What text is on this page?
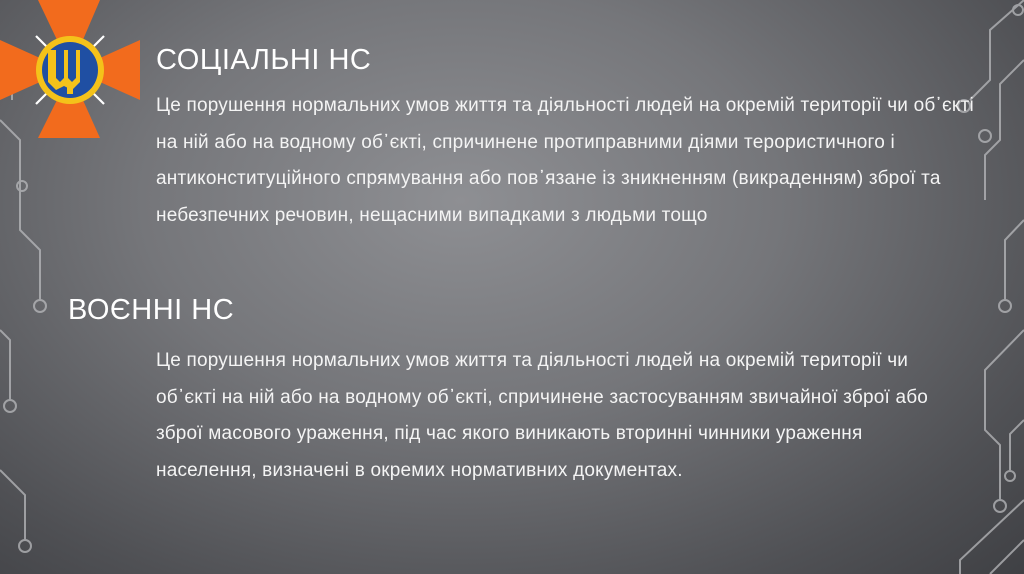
СОЦІАЛЬНІ НС

Це порушення нормальних умов життя та діяльності людей на окремій території чи об᾿єкті на ній або на водному об᾿єкті, спричинене протиправними діями терористичного і антиконституційного спрямування або пов᾿язане із зникненням (викраденням) зброї та небезпечних речовин, нещасними випадками з людьми тощо

ВОЄННІ НС

Це порушення нормальних умов життя та діяльності людей на окремій території чи об᾿єкті на ній або на водному об᾿єкті, спричинене застосуванням звичайної зброї або зброї масового ураження, під час якого виникають вторинні чинники ураження населення, визначені в окремих нормативних документах.
